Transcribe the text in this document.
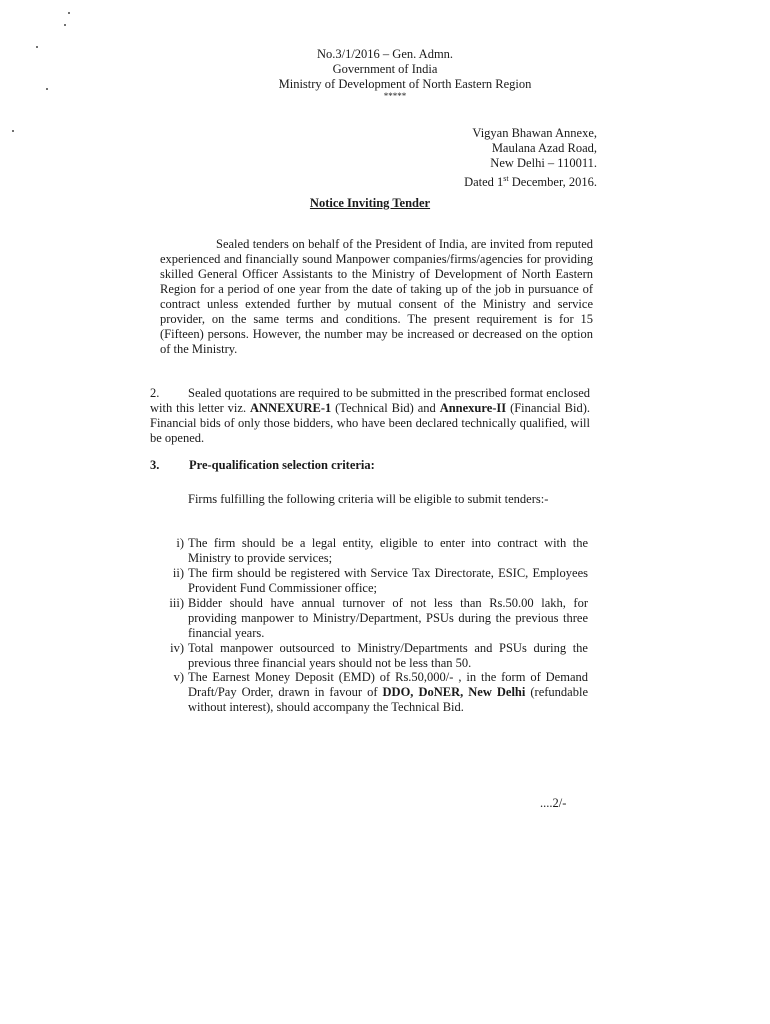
No.3/1/2016 – Gen. Admn.
Government of India
Ministry of Development of North Eastern Region
*****
Vigyan Bhawan Annexe,
Maulana Azad Road,
New Delhi – 110011.
Dated 1st December, 2016.
Notice Inviting Tender
Sealed tenders on behalf of the President of India, are invited from reputed experienced and financially sound Manpower companies/firms/agencies for providing skilled General Officer Assistants to the Ministry of Development of North Eastern Region for a period of one year from the date of taking up of the job in pursuance of contract unless extended further by mutual consent of the Ministry and service provider, on the same terms and conditions. The present requirement is for 15 (Fifteen) persons. However, the number may be increased or decreased on the option of the Ministry.
2.	Sealed quotations are required to be submitted in the prescribed format enclosed with this letter viz. ANNEXURE-1 (Technical Bid) and Annexure-II (Financial Bid). Financial bids of only those bidders, who have been declared technically qualified, will be opened.
3. Pre-qualification selection criteria:
Firms fulfilling the following criteria will be eligible to submit tenders:-
i) The firm should be a legal entity, eligible to enter into contract with the Ministry to provide services;
ii) The firm should be registered with Service Tax Directorate, ESIC, Employees Provident Fund Commissioner office;
iii) Bidder should have annual turnover of not less than Rs.50.00 lakh, for providing manpower to Ministry/Department, PSUs during the previous three financial years.
iv) Total manpower outsourced to Ministry/Departments and PSUs during the previous three financial years should not be less than 50.
v) The Earnest Money Deposit (EMD) of Rs.50,000/- , in the form of Demand Draft/Pay Order, drawn in favour of DDO, DoNER, New Delhi (refundable without interest), should accompany the Technical Bid.
....2/-
